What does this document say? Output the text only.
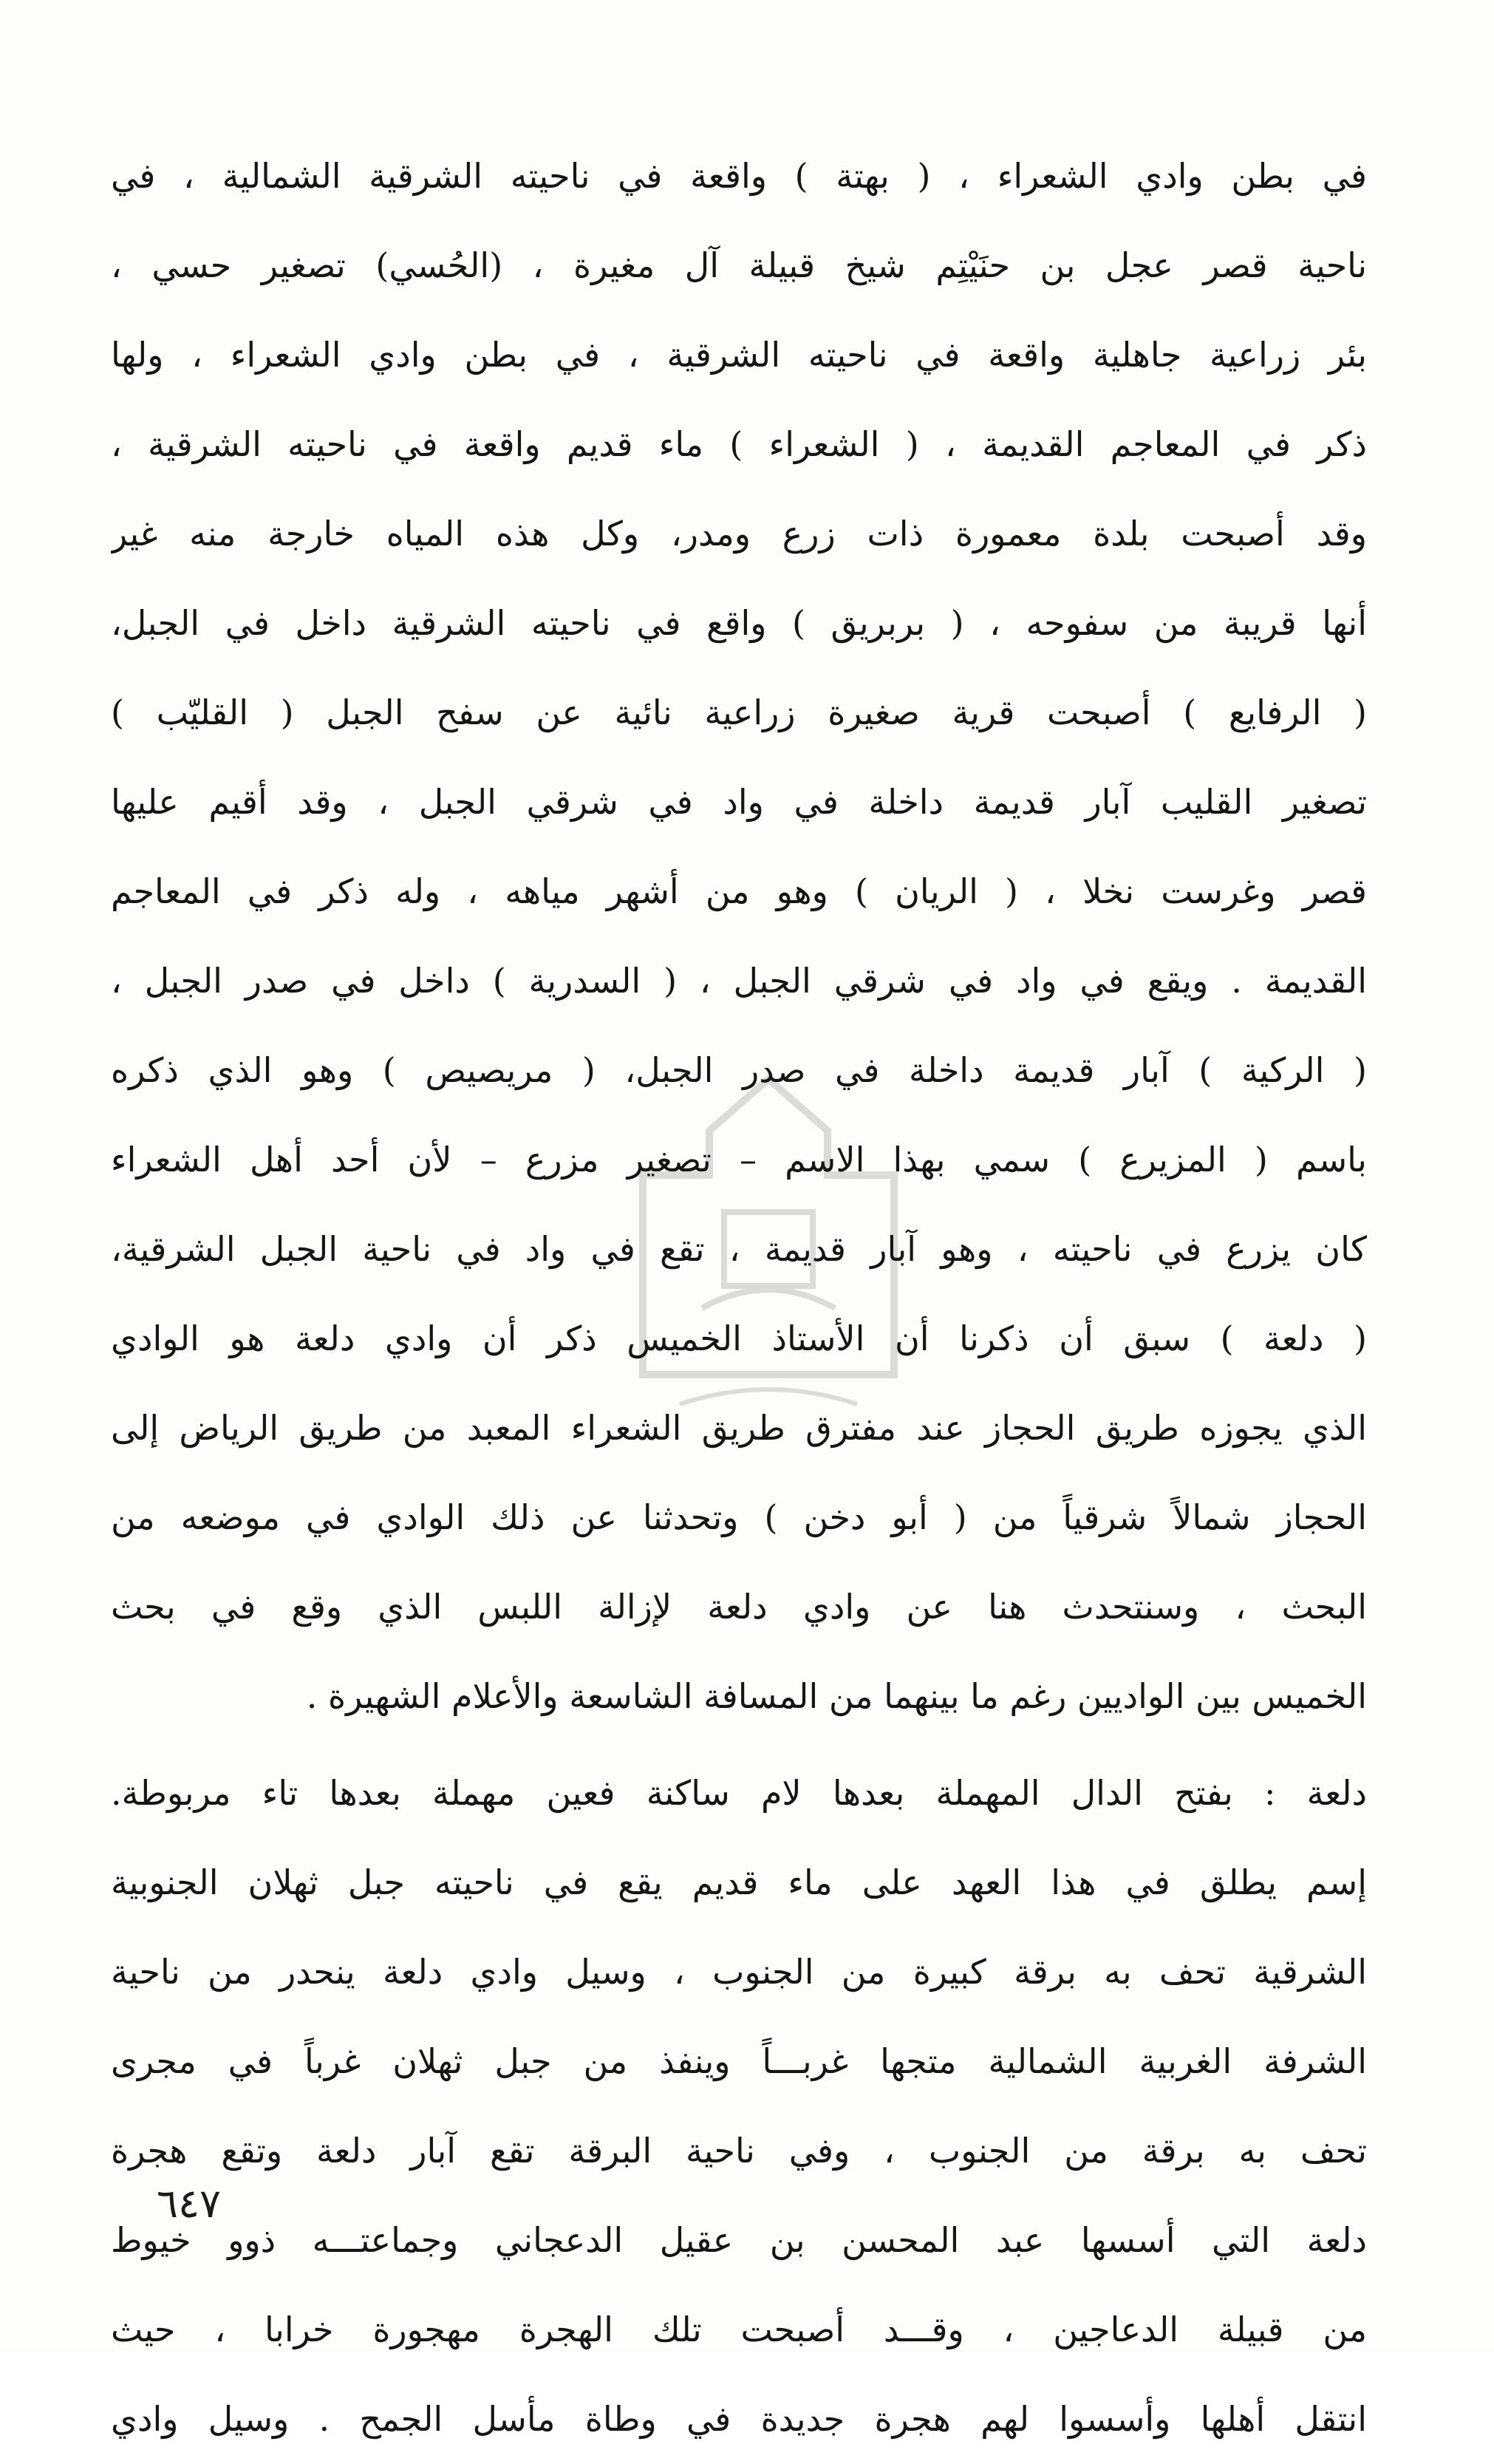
في بطن وادي الشعراء ، ( بهتة ) واقعة في ناحيته الشرقية الشمالية ، في
ناحية قصر عجل بن حنَيْتِم شيخ قبيلة آل مغيرة ، (الحُسي) تصغير حسي ،
بئر زراعية جاهلية واقعة في ناحيته الشرقية ، في بطن وادي الشعراء ، ولها
ذكر في المعاجم القديمة ، ( الشعراء ) ماء قديم واقعة في ناحيته الشرقية ،
وقد أصبحت بلدة معمورة ذات زرع ومدر، وكل هذه المياه خارجة منه غير
أنها قريبة من سفوحه ، ( بربريق ) واقع في ناحيته الشرقية داخل في الجبل،
( الرفايع ) أصبحت قرية صغيرة زراعية نائية عن سفح الجبل ( القليّب )
تصغير القليب آبار قديمة داخلة في واد في شرقي الجبل ، وقد أقيم عليها
قصر وغرست نخلا ، ( الريان ) وهو من أشهر مياهه ، وله ذكر في المعاجم
القديمة . ويقع في واد في شرقي الجبل ، ( السدرية ) داخل في صدر الجبل ،
( الركية ) آبار قديمة داخلة في صدر الجبل، ( مريصيص ) وهو الذي ذكره
باسم ( المزيرع ) سمي بهذا الاسم – تصغير مزرع – لأن أحد أهل الشعراء
كان يزرع في ناحيته ، وهو آبار قديمة ، تقع في واد في ناحية الجبل الشرقية،
( دلعة ) سبق أن ذكرنا أن الأستاذ الخميس ذكر أن وادي دلعة هو الوادي
الذي يجوزه طريق الحجاز عند مفترق طريق الشعراء المعبد من طريق الرياض إلى
الحجاز شمالاً شرقياً من ( أبو دخن ) وتحدثنا عن ذلك الوادي في موضعه من
البحث ، وسنتحدث هنا عن وادي دلعة لإزالة اللبس الذي وقع في بحث
الخميس بين الواديين رغم ما بينهما من المسافة الشاسعة والأعلام الشهيرة .
دلعة : بفتح الدال المهملة بعدها لام ساكنة فعين مهملة بعدها تاء مربوطة.
إسم يطلق في هذا العهد على ماء قديم يقع في ناحيته جبل ثهلان الجنوبية
الشرقية تحف به برقة كبيرة من الجنوب ، وسيل وادي دلعة ينحدر من ناحية
الشرفة الغربية الشمالية متجها غربـــاً وينفذ من جبل ثهلان غرباً في مجرى
تحف به برقة من الجنوب ، وفي ناحية البرقة تقع آبار دلعة وتقع هجرة
دلعة التي أسسها عبد المحسن بن عقيل الدعجاني وجماعتـــه ذوو خيوط
من قبيلة الدعاجين ، وقـــد أصبحت تلك الهجرة مهجورة خرابا ، حيث
انتقل أهلها وأسسوا لهم هجرة جديدة في وطاة مأسل الجمح . وسيل وادي
٦٤٧
